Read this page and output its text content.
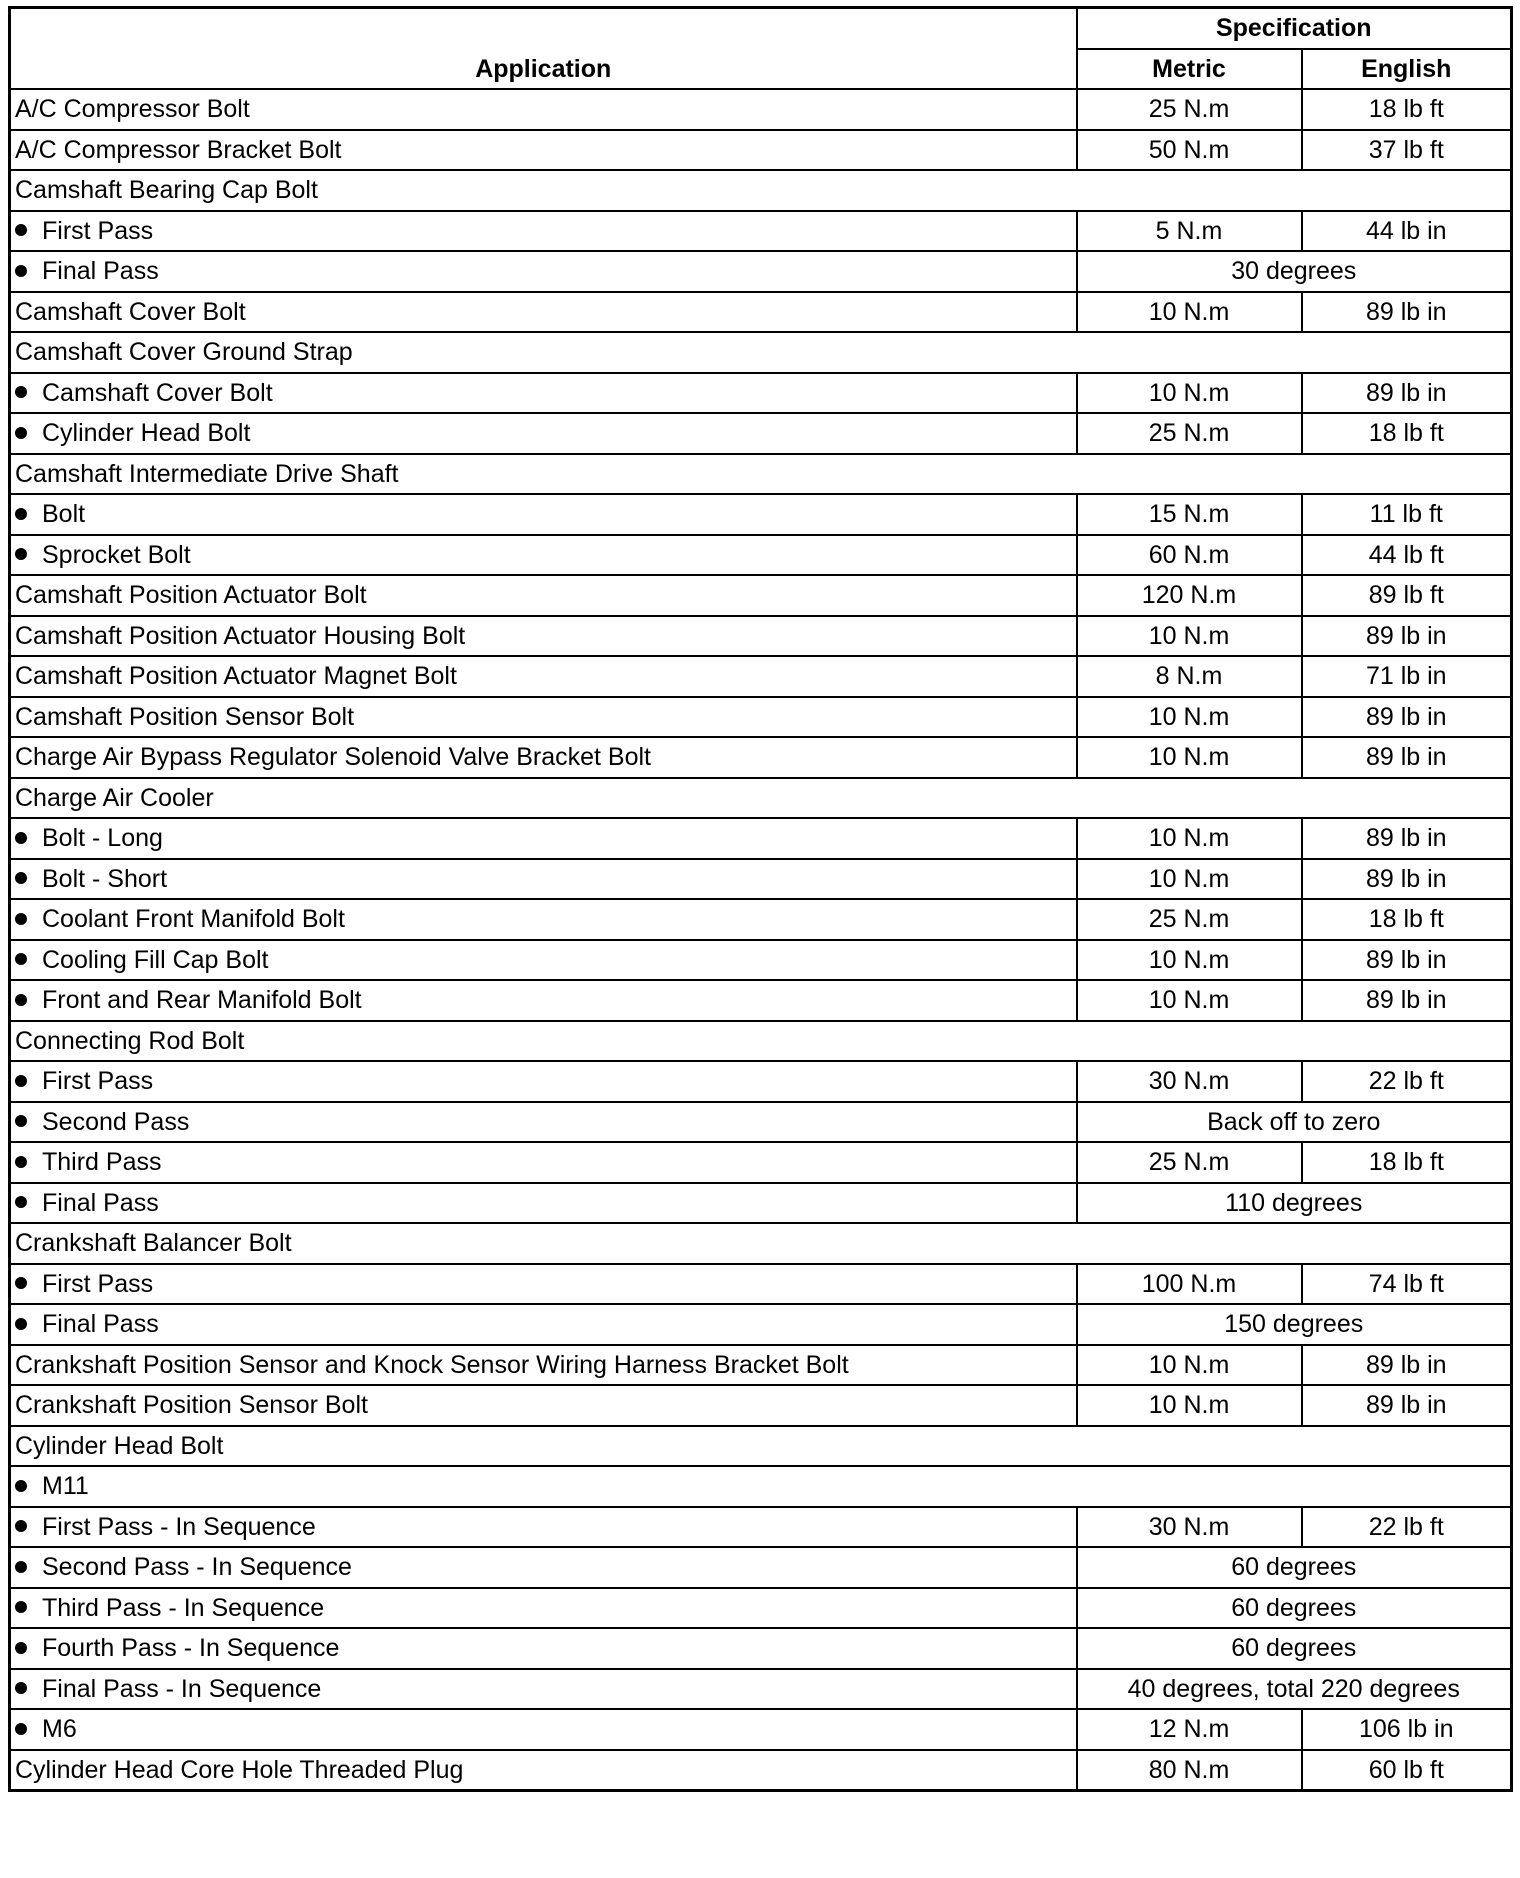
Application	Specification	
	Metric	English
A/C Compressor Bolt	25 N.m	18 lb ft
A/C Compressor Bracket Bolt	50 N.m	37 lb ft
Camshaft Bearing Cap Bolt		
First Pass	5 N.m	44 lb in
Final Pass	30 degrees	
Camshaft Cover Bolt	10 N.m	89 lb in
Camshaft Cover Ground Strap		
Camshaft Cover Bolt	10 N.m	89 lb in
Cylinder Head Bolt	25 N.m	18 lb ft
Camshaft Intermediate Drive Shaft		
Bolt	15 N.m	11 lb ft
Sprocket Bolt	60 N.m	44 lb ft
Camshaft Position Actuator Bolt	120 N.m	89 lb ft
Camshaft Position Actuator Housing Bolt	10 N.m	89 lb in
Camshaft Position Actuator Magnet Bolt	8 N.m	71 lb in
Camshaft Position Sensor Bolt	10 N.m	89 lb in
Charge Air Bypass Regulator Solenoid Valve Bracket Bolt	10 N.m	89 lb in
Charge Air Cooler		
Bolt - Long	10 N.m	89 lb in
Bolt - Short	10 N.m	89 lb in
Coolant Front Manifold Bolt	25 N.m	18 lb ft
Cooling Fill Cap Bolt	10 N.m	89 lb in
Front and Rear Manifold Bolt	10 N.m	89 lb in
Connecting Rod Bolt		
First Pass	30 N.m	22 lb ft
Second Pass	Back off to zero	
Third Pass	25 N.m	18 lb ft
Final Pass	110 degrees	
Crankshaft Balancer Bolt		
First Pass	100 N.m	74 lb ft
Final Pass	150 degrees	
Crankshaft Position Sensor and Knock Sensor Wiring Harness Bracket Bolt	10 N.m	89 lb in
Crankshaft Position Sensor Bolt	10 N.m	89 lb in
Cylinder Head Bolt		
M11		
First Pass - In Sequence	30 N.m	22 lb ft
Second Pass - In Sequence	60 degrees	
Third Pass - In Sequence	60 degrees	
Fourth Pass - In Sequence	60 degrees	
Final Pass - In Sequence	40 degrees, total 220 degrees	
M6	12 N.m	106 lb in
Cylinder Head Core Hole Threaded Plug	80 N.m	60 lb ft
